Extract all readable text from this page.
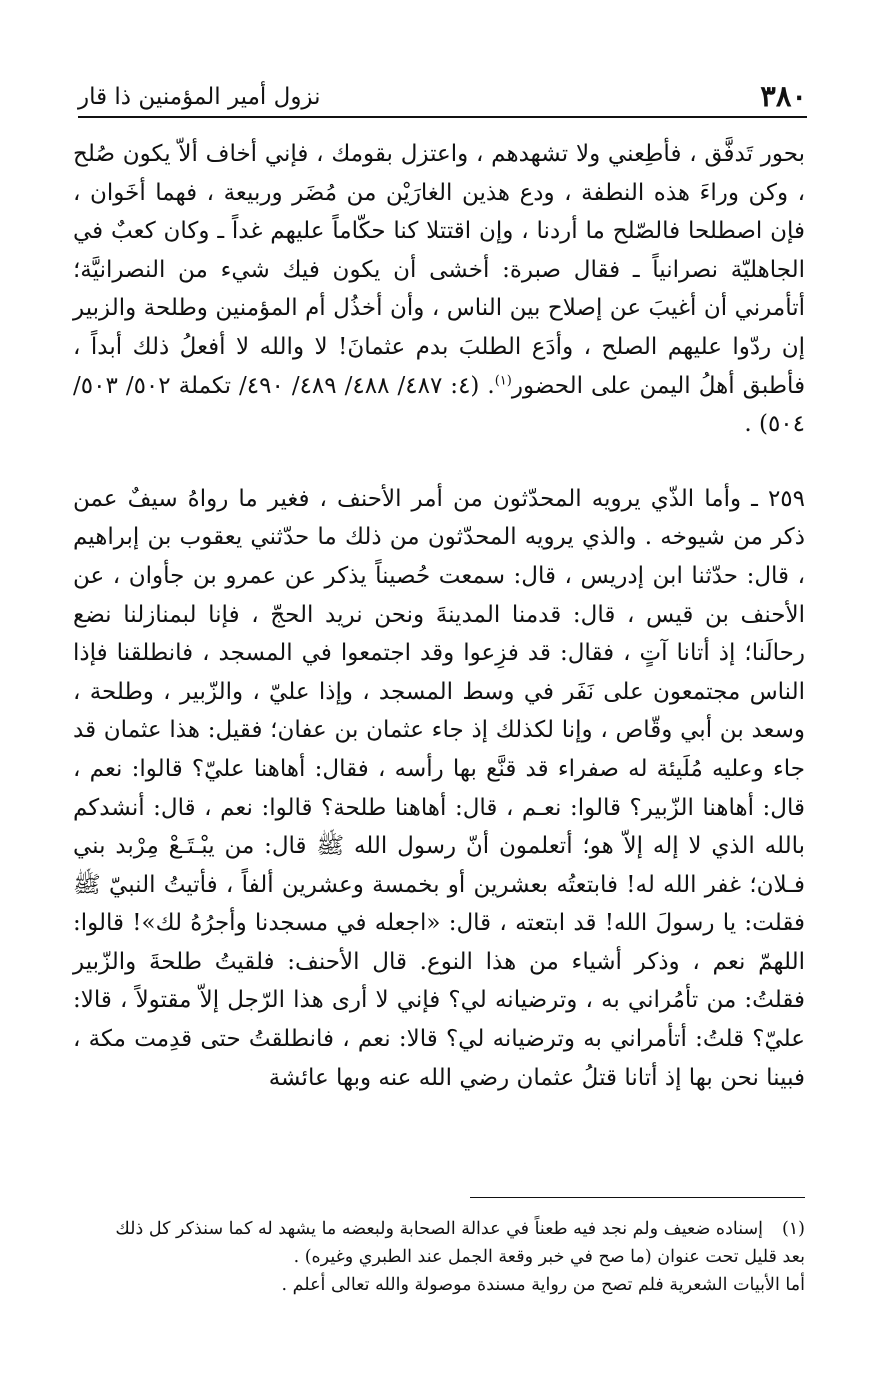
٣٨٠
نزول أمير المؤمنين ذا قار

بحور تَدفَّق ، فأطِعني ولا تشهدهم ، واعتزل بقومك ، فإني أخاف ألاّ يكون صُلح ، وكن وراءَ هذه النطفة ، ودع هذين الغارَيْن من مُضَر وربيعة ، فهما أخَوان ، فإن اصطلحا فالصّلح ما أردنا ، وإن اقتتلا كنا حكّاماً عليهم غداً ـ وكان كعبٌ في الجاهليّة نصرانياً ـ فقال صبرة: أخشى أن يكون فيك شيء من النصرانيَّة؛ أتأمرني أن أغيبَ عن إصلاح بين الناس ، وأن أخذُل أم المؤمنين وطلحة والزبير إن ردّوا عليهم الصلح ، وأدَع الطلبَ بدم عثمانَ! لا والله لا أفعلُ ذلك أبداً ، فأطبق أهلُ اليمن على الحضور$^{(١)}$. (٤: ٤٨٧/ ٤٨٨/ ٤٨٩/ ٤٩٠/ تكملة ٥٠٢/ ٥٠٣/ ٥٠٤) .

٢٥٩ ـ وأما الذّي يرويه المحدّثون من أمر الأحنف ، فغير ما رواهُ سيفٌ عمن ذكر من شيوخه . والذي يرويه المحدّثون من ذلك ما حدّثني يعقوب بن إبراهيم ، قال: حدّثنا ابن إدريس ، قال: سمعت حُصيناً يذكر عن عمرو بن جأوان ، عن الأحنف بن قيس ، قال: قدمنا المدينةَ ونحن نريد الحجّ ، فإنا لبمنازلنا نضع رحالَنا؛ إذ أتانا آتٍ ، فقال: قد فزِعوا وقد اجتمعوا في المسجد ، فانطلقنا فإذا الناس مجتمعون على نَفَر في وسط المسجد ، وإذا عليّ ، والزّبير ، وطلحة ، وسعد بن أبي وقّاص ، وإنا لكذلك إذ جاء عثمان بن عفان؛ فقيل: هذا عثمان قد جاء وعليه مُلَيئة له صفراء قد قنَّع بها رأسه ، فقال: أهاهنا عليّ؟ قالوا: نعم ، قال: أهاهنا الزّبير؟ قالوا: نعـم ، قال: أهاهنا طلحة؟ قالوا: نعم ، قال: أنشدكم بالله الذي لا إله إلاّ هو؛ أتعلمون أنّ رسول الله ﷺ قال: من يبْـتَـعْ مِرْبد بني فـلان؛ غفر الله له! فابتعتُه بعشرين أو بخمسة وعشرين ألفاً ، فأتيتُ النبيّ ﷺ فقلت: يا رسولَ الله! قد ابتعته ، قال: «اجعله في مسجدنا وأجرُهُ لك»! قالوا: اللهمّ نعم ، وذكر أشياء من هذا النوع. قال الأحنف: فلقيتُ طلحةَ والزّبير فقلتُ: من تأمُراني به ، وترضيانه لي؟ فإني لا أرى هذا الرّجل إلاّ مقتولاً ، قالا: عليّ؟ قلتُ: أتأمراني به وترضيانه لي؟ قالا: نعم ، فانطلقتُ حتى قدِمت مكة ، فبينا نحن بها إذ أتانا قتلُ عثمان رضي الله عنه وبها عائشة

(١)
إسناده ضعيف ولم نجد فيه طعناً في عدالة الصحابة ولبعضه ما يشهد له كما سنذكر كل ذلك
بعد قليل تحت عنوان (ما صح في خبر وقعة الجمل عند الطبري وغيره) .
أما الأبيات الشعرية فلم تصح من رواية مسندة موصولة والله تعالى أعلم .
